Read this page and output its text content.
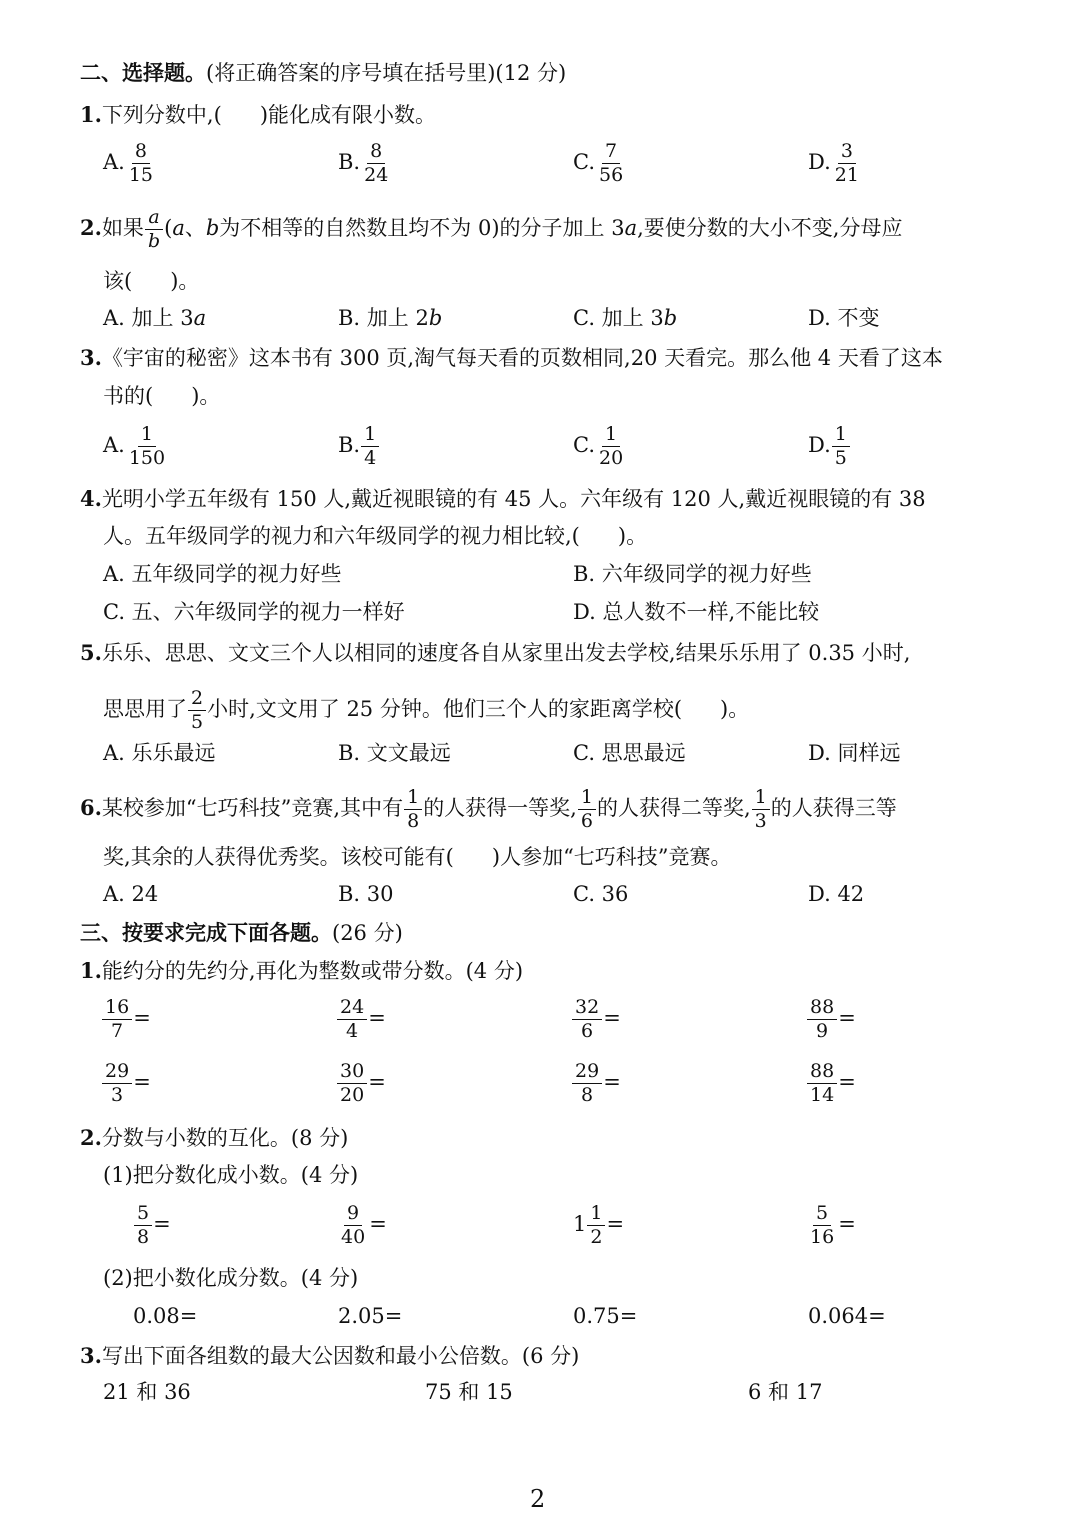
二、选择题。(将正确答案的序号填在括号里)(12 分)
1.下列分数中,( )能化成有限小数。
A. $\frac{8}{15}$	B. $\frac{8}{24}$	C. $\frac{7}{56}$	D. $\frac{3}{21}$
2.如果 $\frac{a}{b} (a$、b为不相等的自然数且均不为 0)的分子加上 3a,要使分数的大小不变,分母应
该( )。
A. 加上 3a	B. 加上 2b	C. 加上 3b	D. 不变
3.《宇宙的秘密》这本书有 300 页,淘气每天看的页数相同,20 天看完。那么他 4 天看了这本
书的( )。
A. $\frac{1}{150}$	B. $\frac{1}{4}$	C. $\frac{1}{20}$	D. $\frac{1}{5}$
4.光明小学五年级有 150 人,戴近视眼镜的有 45 人。六年级有 120 人,戴近视眼镜的有 38
人。五年级同学的视力和六年级同学的视力相比较,( )。
A. 五年级同学的视力好些	B. 六年级同学的视力好些
C. 五、六年级同学的视力一样好	D. 总人数不一样,不能比较
5.乐乐、思思、文文三个人以相同的速度各自从家里出发去学校,结果乐乐用了 0.35 小时,
思思用了 $\frac{2}{5}$ 小时,文文用了 25 分钟。他们三个人的家距离学校( )。
A. 乐乐最远	B. 文文最远	C. 思思最远	D. 同样远
6.某校参加“七巧科技”竞赛,其中有 $\frac{1}{8}$ 的人获得一等奖, $\frac{1}{6}$ 的人获得二等奖, $\frac{1}{3}$ 的人获得三等
奖,其余的人获得优秀奖。该校可能有( )人参加“七巧科技”竞赛。
A. 24	B. 30	C. 36	D. 42
三、按要求完成下面各题。(26 分)
1.能约分的先约分,再化为整数或带分数。(4 分)
$\frac{16}{7}$ =	$\frac{24}{4}$ =	$\frac{32}{6}$ =	$\frac{88}{9}$ =
$\frac{29}{3}$ =	$\frac{30}{20}$ =	$\frac{29}{8}$ =	$\frac{88}{14}$ =
2.分数与小数的互化。(8 分)
(1)把分数化成小数。(4 分)
$\frac{5}{8}$ =	$\frac{9}{40}$ =	$1 \frac{1}{2}$ =	$\frac{5}{16}$ =
(2)把小数化成分数。(4 分)
0.08=	2.05=	0.75=	0.064=
3.写出下面各组数的最大公因数和最小公倍数。(6 分)
21 和 36	75 和 15	6 和 17
2
